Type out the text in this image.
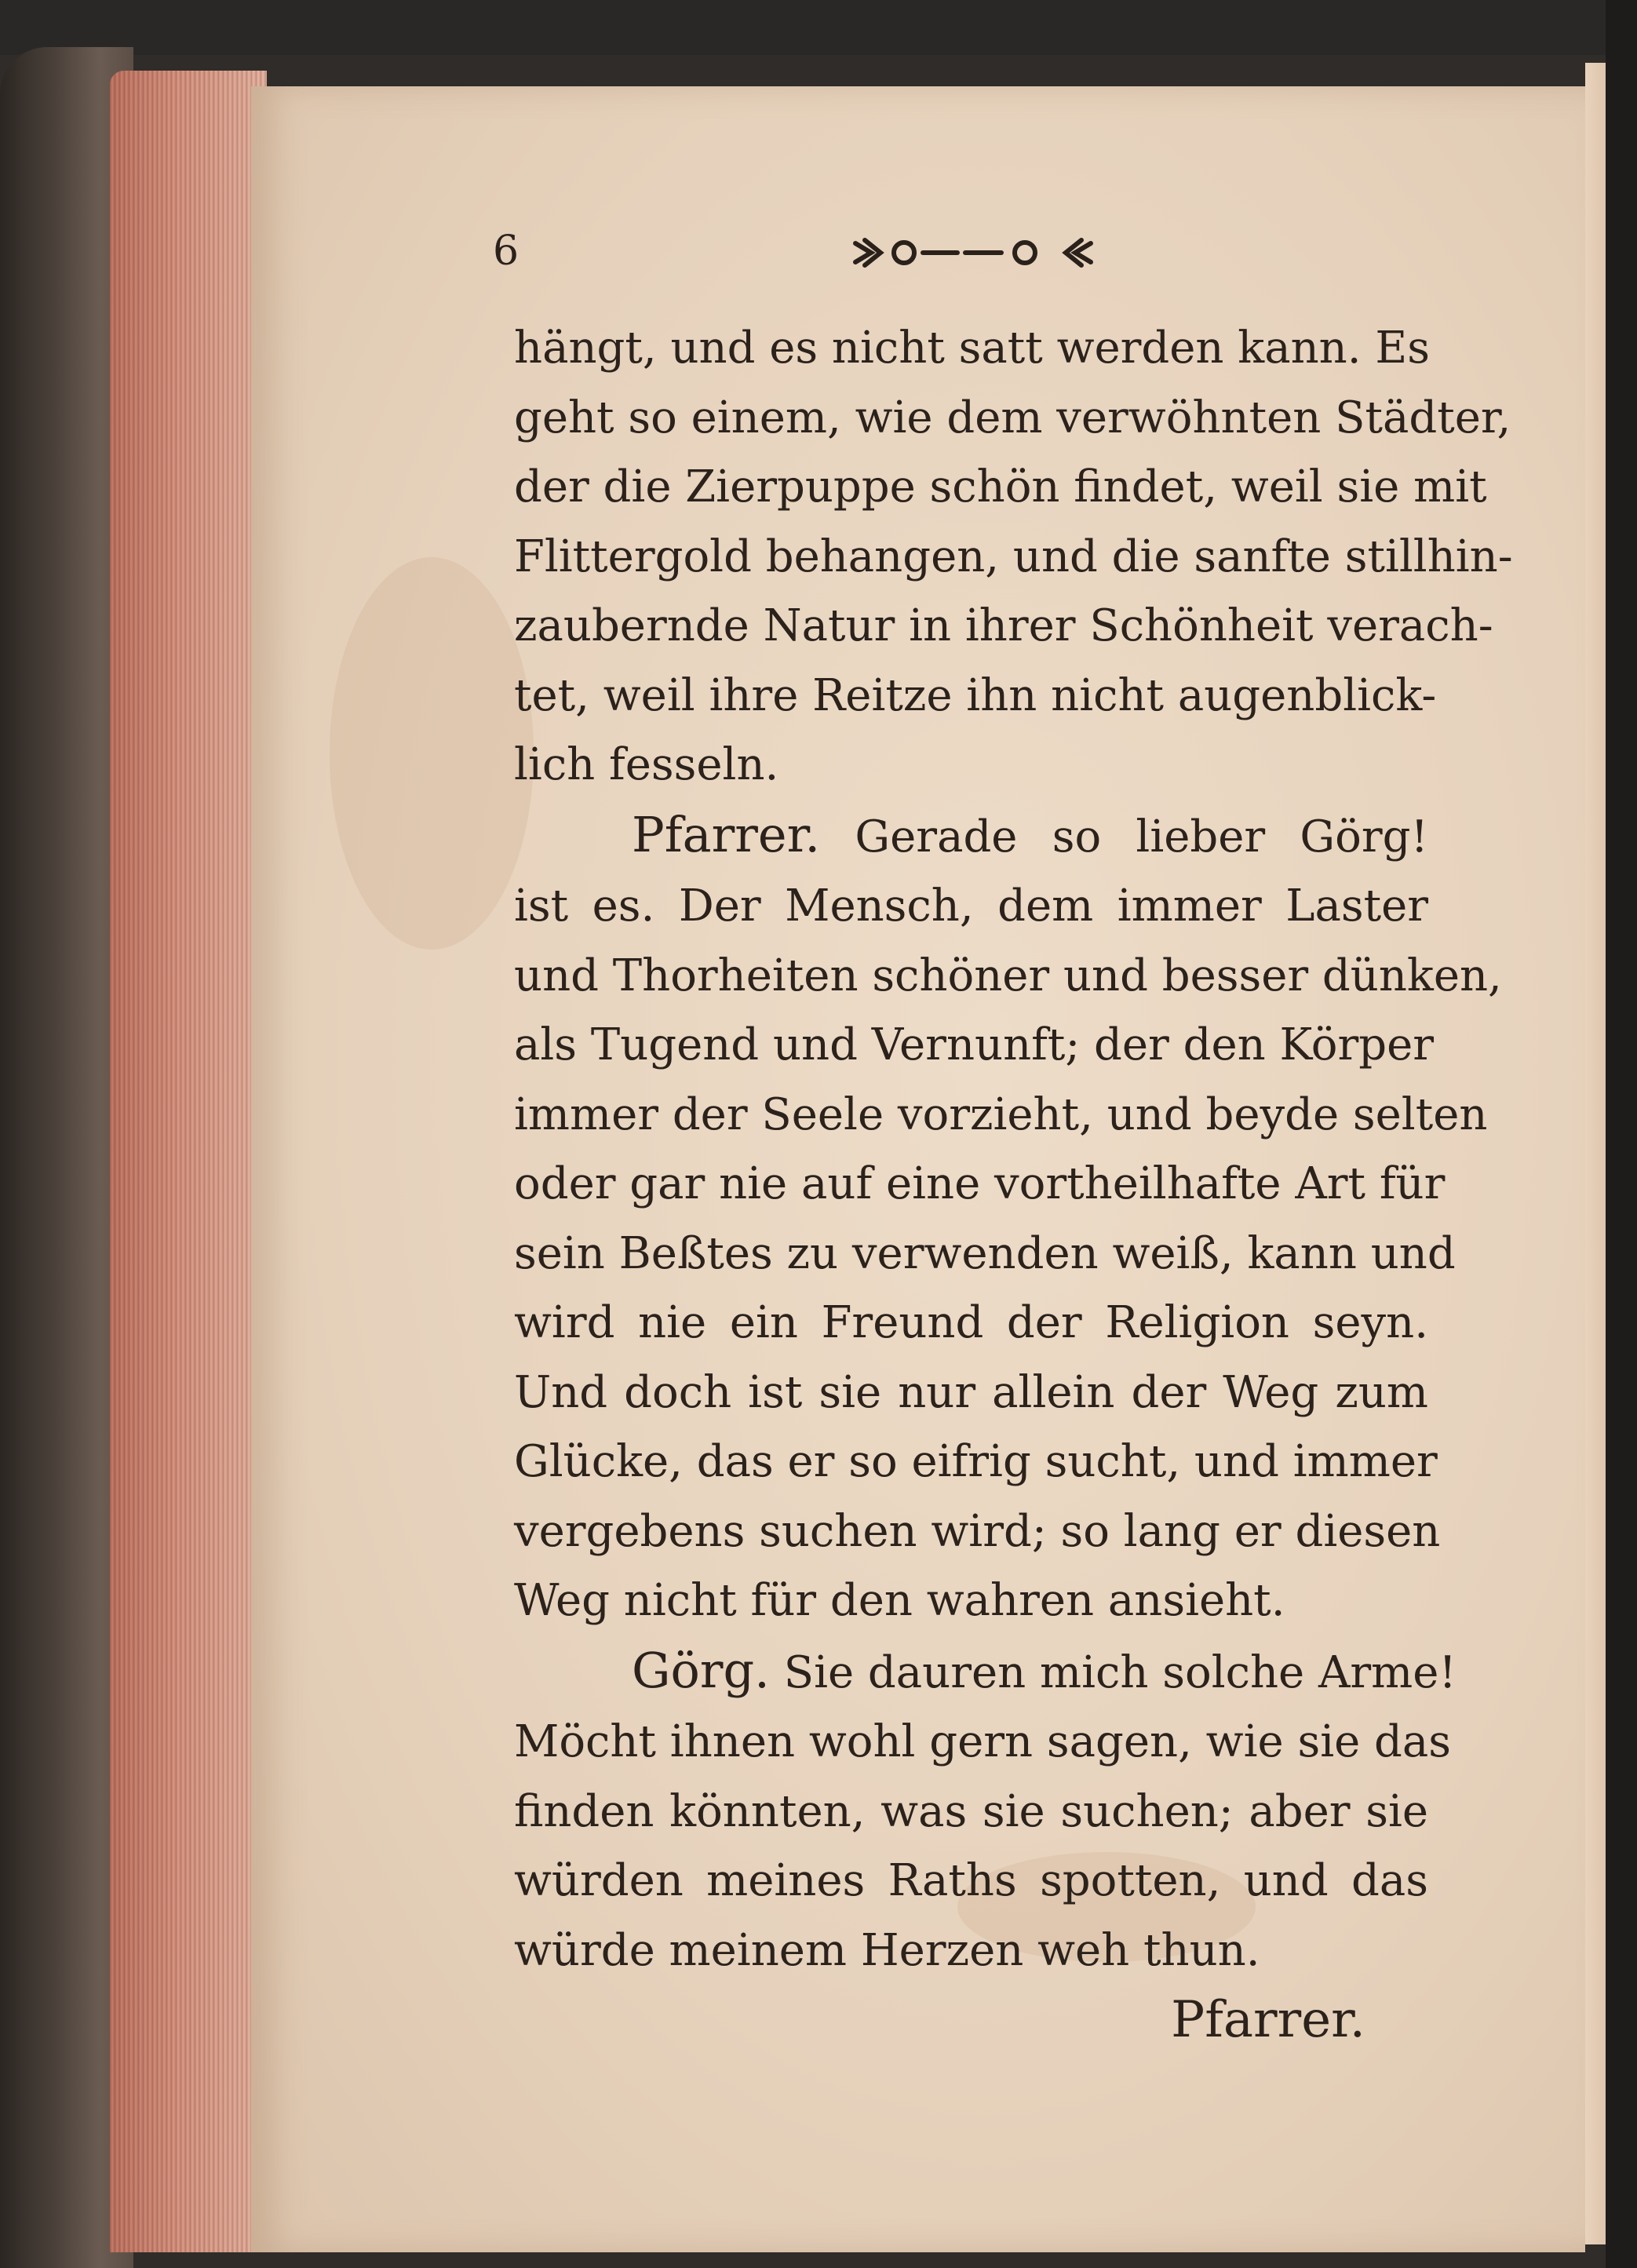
6
hängt, und es nicht satt werden kann. Es
geht so einem, wie dem verwöhnten Städter,
der die Zierpuppe schön findet, weil sie mit
Flittergold behangen, und die sanfte stillhin-
zaubernde Natur in ihrer Schönheit verach-
tet, weil ihre Reitze ihn nicht augenblick-
lich fesseln.
Pfarrer. Gerade so lieber Görg!
ist es. Der Mensch, dem immer Laster
und Thorheiten schöner und besser dünken,
als Tugend und Vernunft; der den Körper
immer der Seele vorzieht, und beyde selten
oder gar nie auf eine vortheilhafte Art für
sein Beßtes zu verwenden weiß, kann und
wird nie ein Freund der Religion seyn.
Und doch ist sie nur allein der Weg zum
Glücke, das er so eifrig sucht, und immer
vergebens suchen wird; so lang er diesen
Weg nicht für den wahren ansieht.
Görg. Sie dauren mich solche Arme!
Möcht ihnen wohl gern sagen, wie sie das
finden könnten, was sie suchen; aber sie
würden meines Raths spotten, und das
würde meinem Herzen weh thun.
Pfarrer.
